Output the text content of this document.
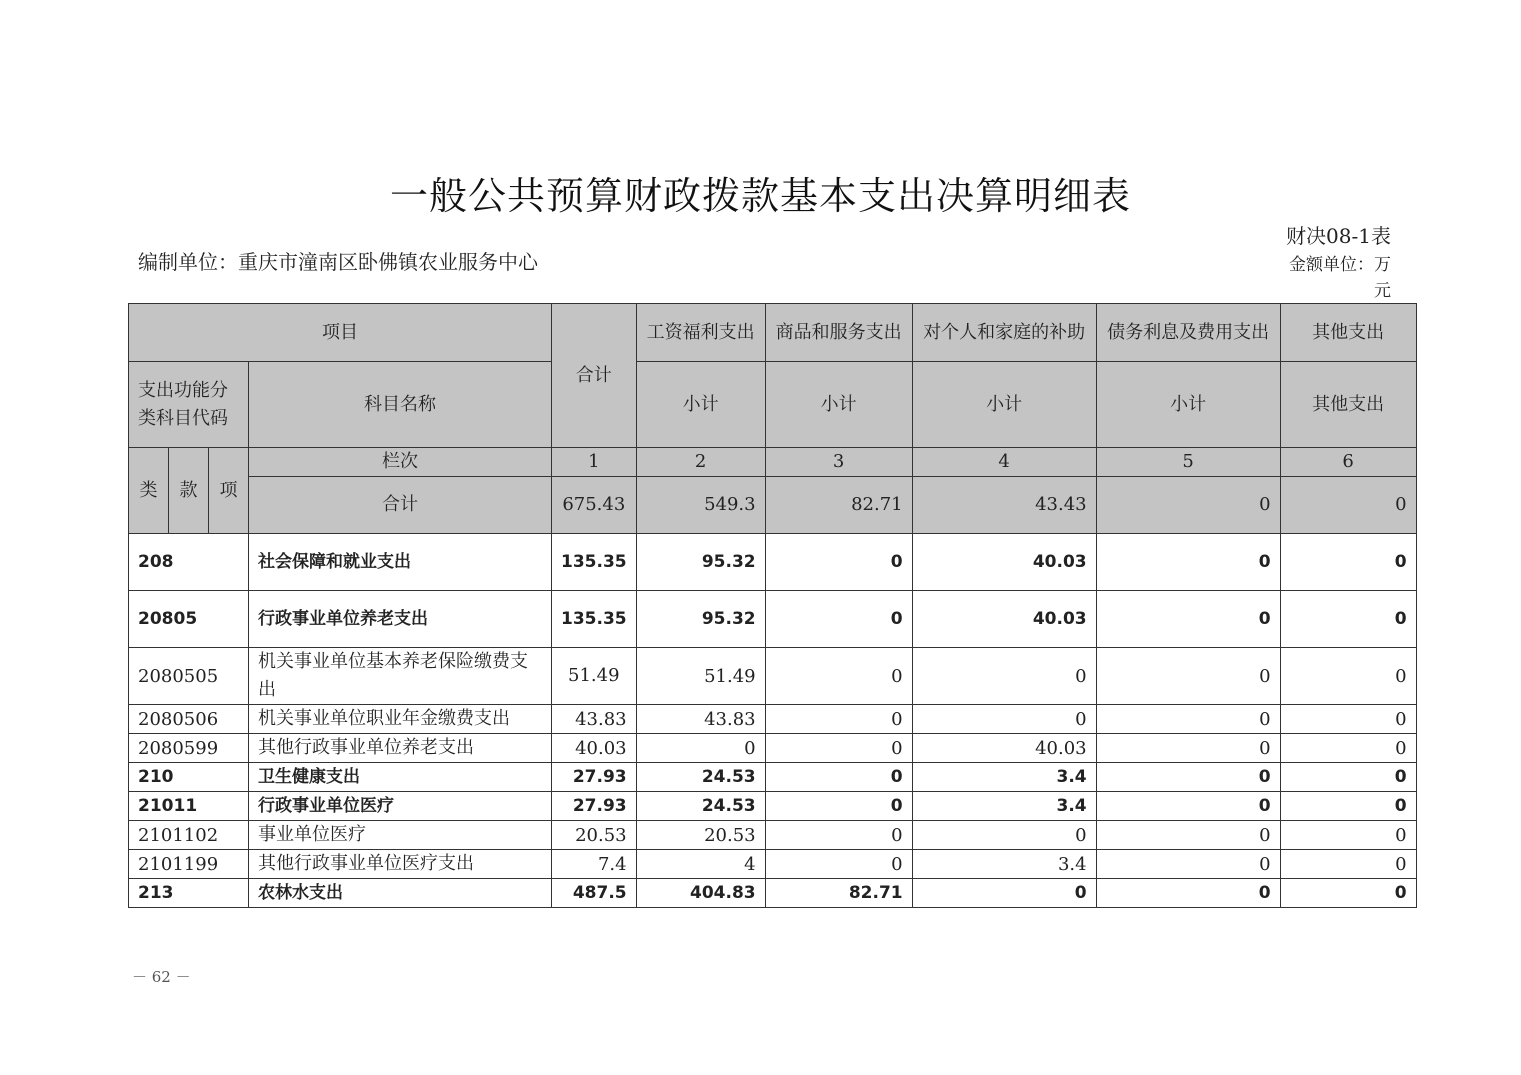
一般公共预算财政拨款基本支出决算明细表
财决08-1表
编制单位：重庆市潼南区卧佛镇农业服务中心	金额单位：万
元
项目				合计	工资福利支出	商品和服务支出	对个人和家庭的补助	债务利息及费用支出	其他支出
支出功能分类科目代码			科目名称		小计	小计	小计	小计	其他支出
类	款	项	栏次	1	2	3	4	5	6
			合计	675.43	549.3	82.71	43.43	0	0
208			社会保障和就业支出	135.35	95.32	0	40.03	0	0
20805			行政事业单位养老支出	135.35	95.32	0	40.03	0	0
2080505			机关事业单位基本养老保险缴费支出	51.49	51.49	0	0	0	0
2080506			机关事业单位职业年金缴费支出	43.83	43.83	0	0	0	0
2080599			其他行政事业单位养老支出	40.03	0	0	40.03	0	0
210			卫生健康支出	27.93	24.53	0	3.4	0	0
21011			行政事业单位医疗	27.93	24.53	0	3.4	0	0
2101102			事业单位医疗	20.53	20.53	0	0	0	0
2101199			其他行政事业单位医疗支出	7.4	4	0	3.4	0	0
213			农林水支出	487.5	404.83	82.71	0	0	0
－ 62 －
